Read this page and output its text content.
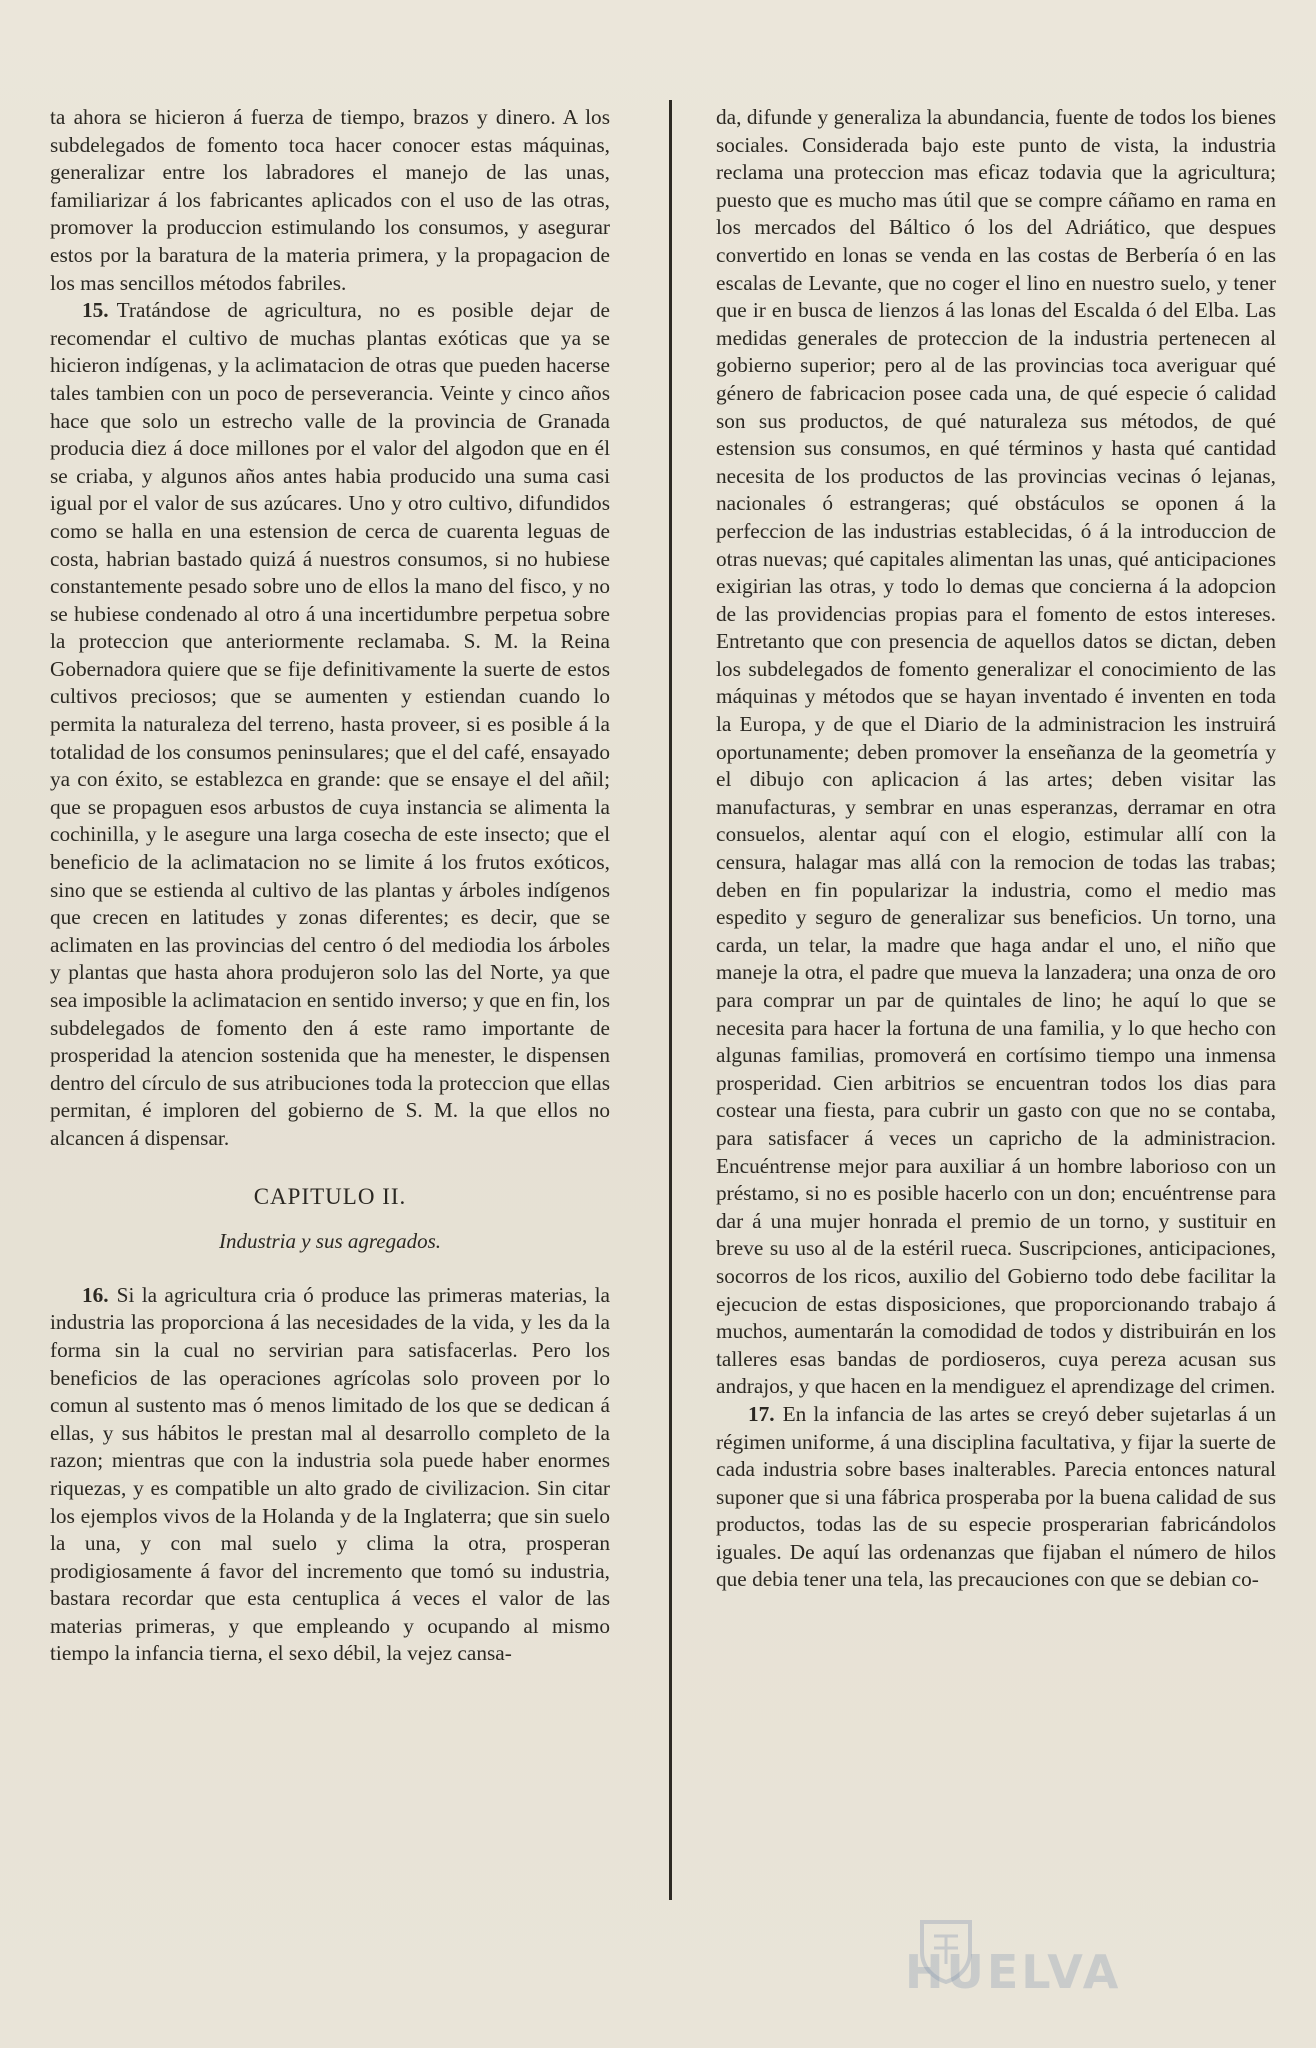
ta ahora se hicieron á fuerza de tiempo, brazos y dinero. A los subdelegados de fomento toca hacer conocer estas máquinas, generalizar entre los labradores el manejo de las unas, familiarizar á los fabricantes aplicados con el uso de las otras, promover la produccion estimulando los consumos, y asegurar estos por la baratura de la materia primera, y la propagacion de los mas sencillos métodos fabriles.

15. Tratándose de agricultura, no es posible dejar de recomendar el cultivo de muchas plantas exóticas que ya se hicieron indígenas, y la aclimatacion de otras que pueden hacerse tales tambien con un poco de perseverancia. Veinte y cinco años hace que solo un estrecho valle de la provincia de Granada producia diez á doce millones por el valor del algodon que en él se criaba, y algunos años antes habia producido una suma casi igual por el valor de sus azúcares. Uno y otro cultivo, difundidos como se halla en una estension de cerca de cuarenta leguas de costa, habrian bastado quizá á nuestros consumos, si no hubiese constantemente pesado sobre uno de ellos la mano del fisco, y no se hubiese condenado al otro á una incertidumbre perpetua sobre la proteccion que anteriormente reclamaba. S. M. la Reina Gobernadora quiere que se fije definitivamente la suerte de estos cultivos preciosos; que se aumenten y estiendan cuando lo permita la naturaleza del terreno, hasta proveer, si es posible á la totalidad de los consumos peninsulares; que el del café, ensayado ya con éxito, se establezca en grande: que se ensaye el del añil; que se propaguen esos arbustos de cuya instancia se alimenta la cochinilla, y le asegure una larga cosecha de este insecto; que el beneficio de la aclimatacion no se limite á los frutos exóticos, sino que se estienda al cultivo de las plantas y árboles indígenos que crecen en latitudes y zonas diferentes; es decir, que se aclimaten en las provincias del centro ó del mediodia los árboles y plantas que hasta ahora produjeron solo las del Norte, ya que sea imposible la aclimatacion en sentido inverso; y que en fin, los subdelegados de fomento den á este ramo importante de prosperidad la atencion sostenida que ha menester, le dispensen dentro del círculo de sus atribuciones toda la proteccion que ellas permitan, é imploren del gobierno de S. M. la que ellos no alcancen á dispensar.

CAPITULO II.
Industria y sus agregados.

16. Si la agricultura cria ó produce las primeras materias, la industria las proporciona á las necesidades de la vida, y les da la forma sin la cual no servirian para satisfacerlas. Pero los beneficios de las operaciones agrícolas solo proveen por lo comun al sustento mas ó menos limitado de los que se dedican á ellas, y sus hábitos le prestan mal al desarrollo completo de la razon; mientras que con la industria sola puede haber enormes riquezas, y es compatible un alto grado de civilizacion. Sin citar los ejemplos vivos de la Holanda y de la Inglaterra; que sin suelo la una, y con mal suelo y clima la otra, prosperan prodigiosamente á favor del incremento que tomó su industria, bastara recordar que esta centuplica á veces el valor de las materias primeras, y que empleando y ocupando al mismo tiempo la infancia tierna, el sexo débil, la vejez cansa-

da, difunde y generaliza la abundancia, fuente de todos los bienes sociales. Considerada bajo este punto de vista, la industria reclama una proteccion mas eficaz todavia que la agricultura; puesto que es mucho mas útil que se compre cáñamo en rama en los mercados del Báltico ó los del Adriático, que despues convertido en lonas se venda en las costas de Berbería ó en las escalas de Levante, que no coger el lino en nuestro suelo, y tener que ir en busca de lienzos á las lonas del Escalda ó del Elba. Las medidas generales de proteccion de la industria pertenecen al gobierno superior; pero al de las provincias toca averiguar qué género de fabricacion posee cada una, de qué especie ó calidad son sus productos, de qué naturaleza sus métodos, de qué estension sus consumos, en qué términos y hasta qué cantidad necesita de los productos de las provincias vecinas ó lejanas, nacionales ó estrangeras; qué obstáculos se oponen á la perfeccion de las industrias establecidas, ó á la introduccion de otras nuevas; qué capitales alimentan las unas, qué anticipaciones exigirian las otras, y todo lo demas que concierna á la adopcion de las providencias propias para el fomento de estos intereses. Entretanto que con presencia de aquellos datos se dictan, deben los subdelegados de fomento generalizar el conocimiento de las máquinas y métodos que se hayan inventado é inventen en toda la Europa, y de que el Diario de la administracion les instruirá oportunamente; deben promover la enseñanza de la geometría y el dibujo con aplicacion á las artes; deben visitar las manufacturas, y sembrar en unas esperanzas, derramar en otra consuelos, alentar aquí con el elogio, estimular allí con la censura, halagar mas allá con la remocion de todas las trabas; deben en fin popularizar la industria, como el medio mas espedito y seguro de generalizar sus beneficios. Un torno, una carda, un telar, la madre que haga andar el uno, el niño que maneje la otra, el padre que mueva la lanzadera; una onza de oro para comprar un par de quintales de lino; he aquí lo que se necesita para hacer la fortuna de una familia, y lo que hecho con algunas familias, promoverá en cortísimo tiempo una inmensa prosperidad. Cien arbitrios se encuentran todos los dias para costear una fiesta, para cubrir un gasto con que no se contaba, para satisfacer á veces un capricho de la administracion. Encuéntrense mejor para auxiliar á un hombre laborioso con un préstamo, si no es posible hacerlo con un don; encuéntrense para dar á una mujer honrada el premio de un torno, y sustituir en breve su uso al de la estéril rueca. Suscripciones, anticipaciones, socorros de los ricos, auxilio del Gobierno todo debe facilitar la ejecucion de estas disposiciones, que proporcionando trabajo á muchos, aumentarán la comodidad de todos y distribuirán en los talleres esas bandas de pordioseros, cuya pereza acusan sus andrajos, y que hacen en la mendiguez el aprendizage del crimen.

17. En la infancia de las artes se creyó deber sujetarlas á un régimen uniforme, á una disciplina facultativa, y fijar la suerte de cada industria sobre bases inalterables. Parecia entonces natural suponer que si una fábrica prosperaba por la buena calidad de sus productos, todas las de su especie prosperarian fabricándolos iguales. De aquí las ordenanzas que fijaban el número de hilos que debia tener una tela, las precauciones con que se debian co-

HUELVA
